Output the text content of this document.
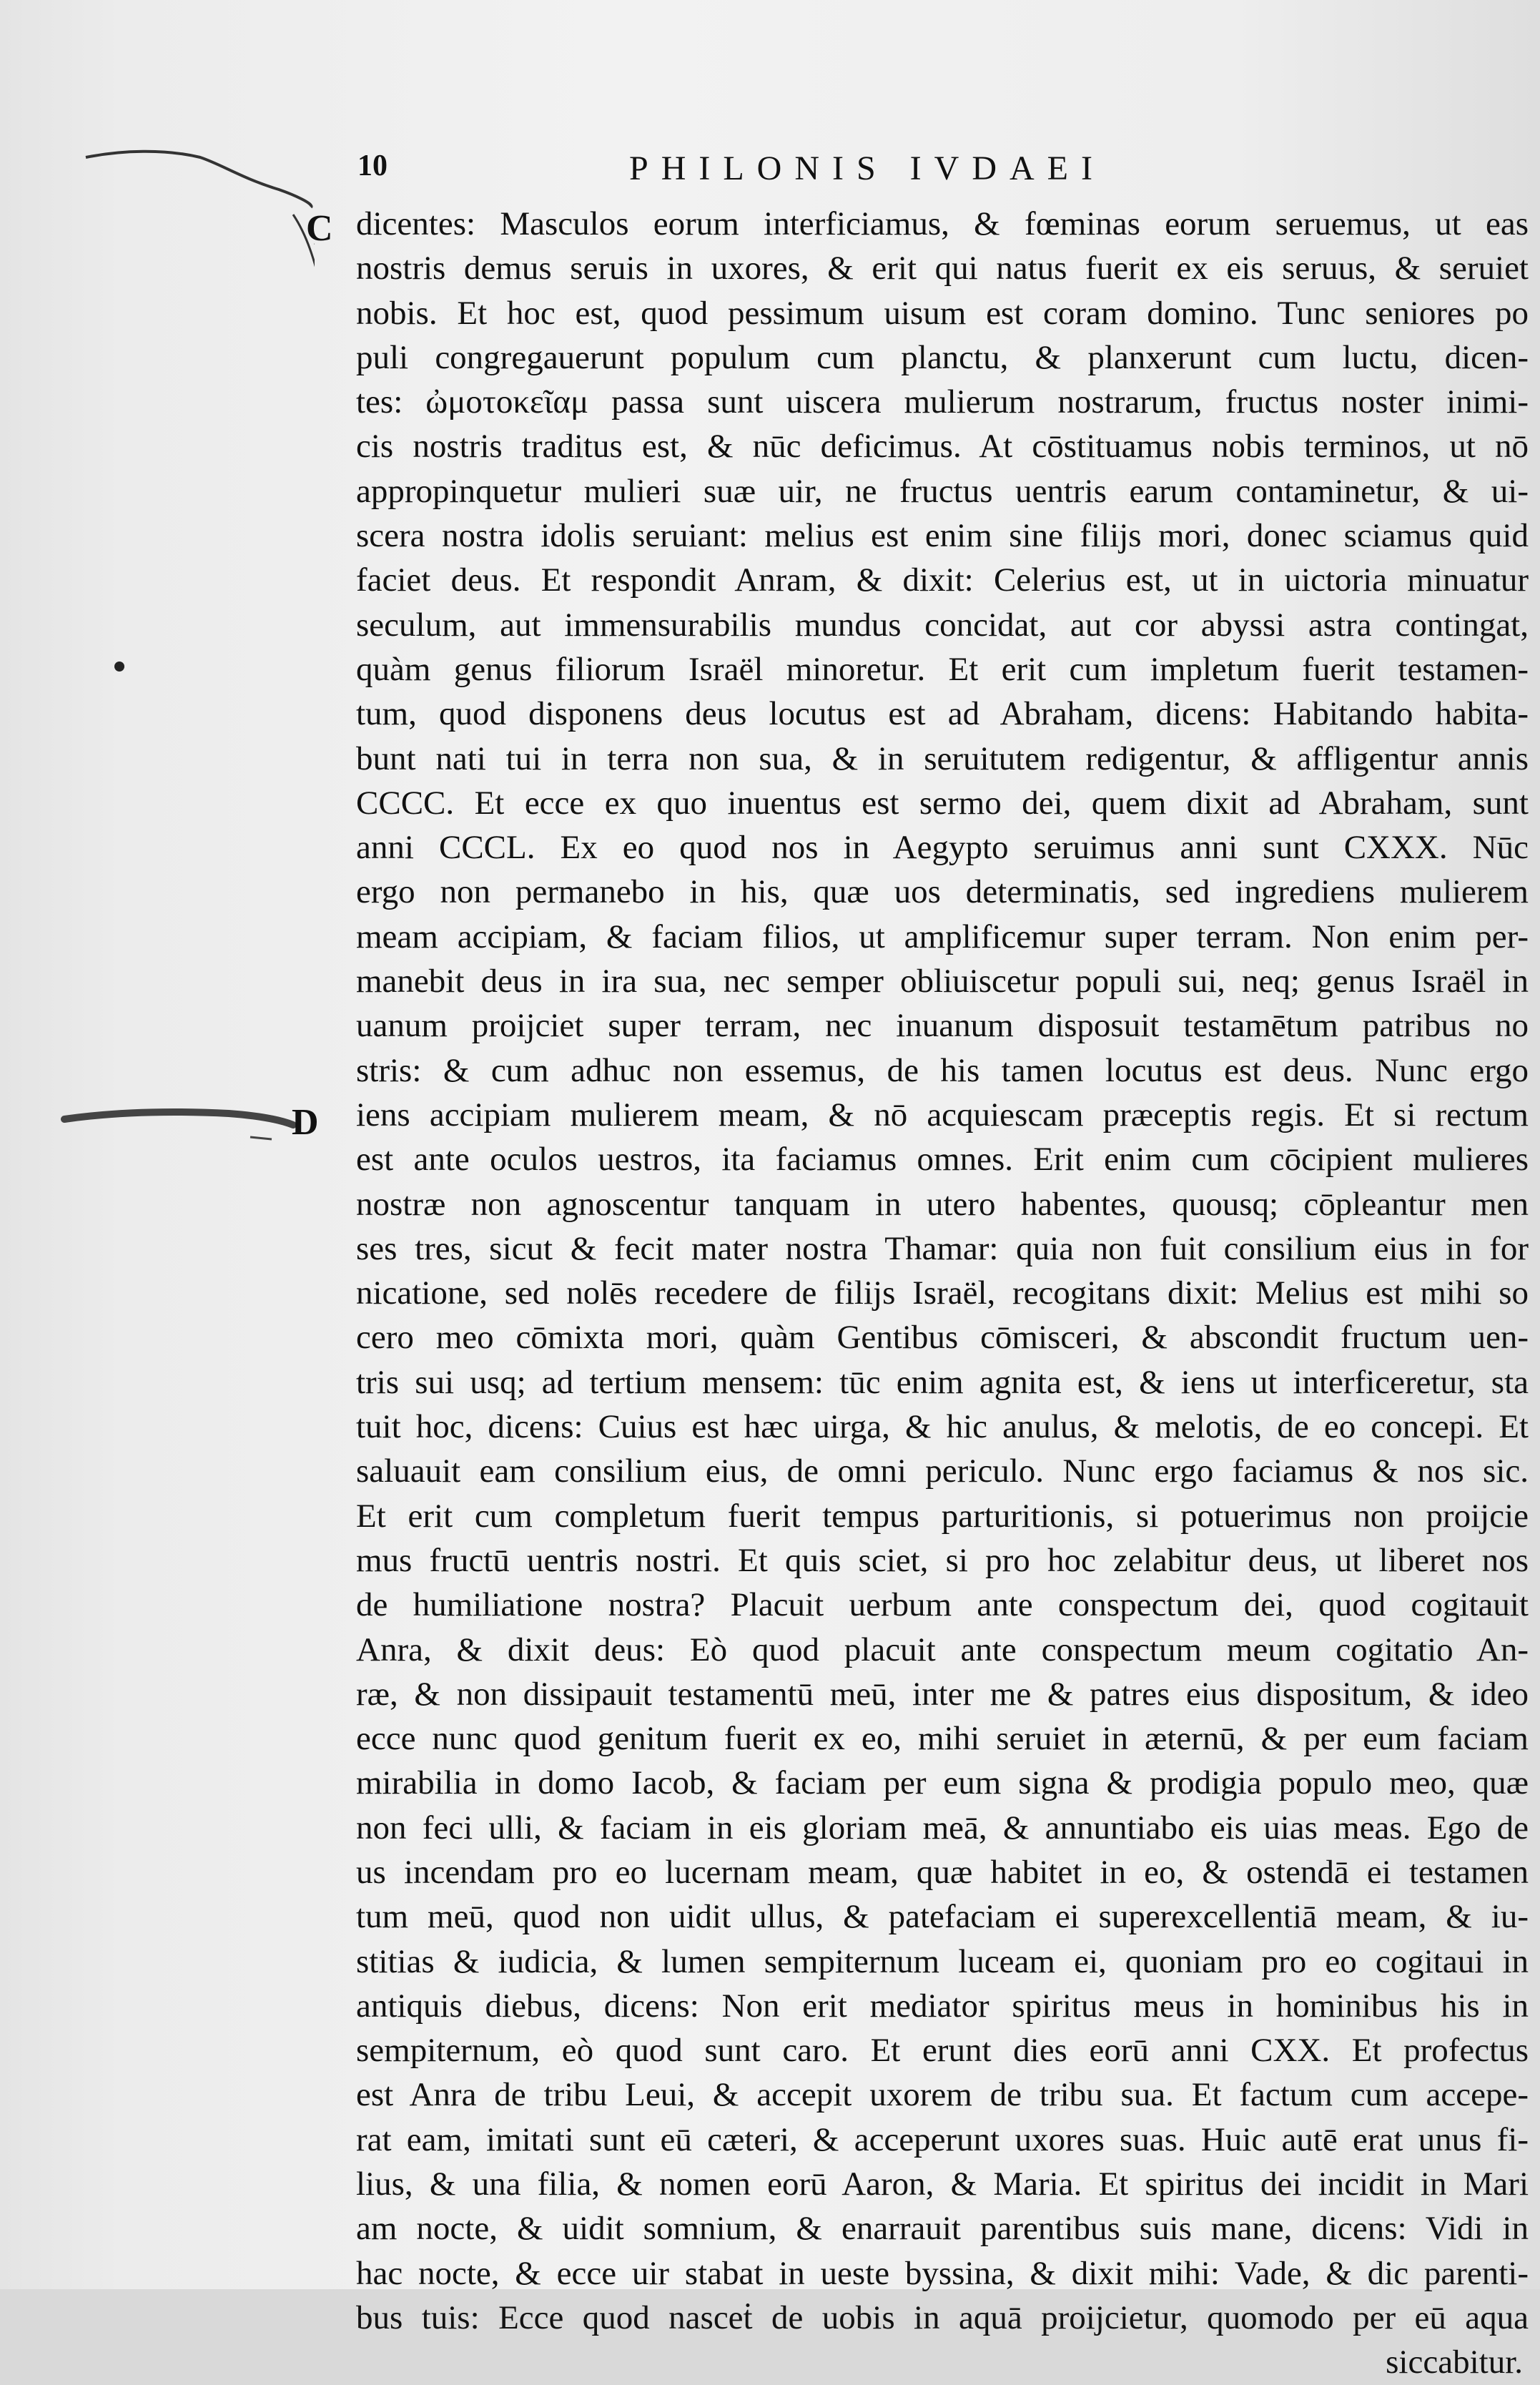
10	PHILONIS IVDAEI
C
D
dicentes: Masculos eorum interficiamus, & fœminas eorum seruemus, ut eas
nostris demus seruis in uxores, & erit qui natus fuerit ex eis seruus, & seruiet
nobis. Et hoc est, quod pessimum uisum est coram domino. Tunc seniores po
puli congregauerunt populum cum planctu, & planxerunt cum luctu, dicen-
tes: ὠμοτοκεῖαμ passa sunt uiscera mulierum nostrarum, fructus noster inimi-
cis nostris traditus est, & nūc deficimus. At cōstituamus nobis terminos, ut nō
appropinquetur mulieri suæ uir, ne fructus uentris earum contaminetur, & ui-
scera nostra idolis seruiant: melius est enim sine filijs mori, donec sciamus quid
faciet deus. Et respondit Anram, & dixit: Celerius est, ut in uictoria minuatur
seculum, aut immensurabilis mundus concidat, aut cor abyssi astra contingat,
quàm genus filiorum Israël minoretur. Et erit cum impletum fuerit testamen-
tum, quod disponens deus locutus est ad Abraham, dicens: Habitando habita-
bunt nati tui in terra non sua, & in seruitutem redigentur, & affligentur annis
CCCC. Et ecce ex quo inuentus est sermo dei, quem dixit ad Abraham, sunt
anni CCCL. Ex eo quod nos in Aegypto seruimus anni sunt CXXX. Nūc
ergo non permanebo in his, quæ uos determinatis, sed ingrediens mulierem
meam accipiam, & faciam filios, ut amplificemur super terram. Non enim per-
manebit deus in ira sua, nec semper obliuiscetur populi sui, neq; genus Israël in
uanum proijciet super terram, nec inuanum disposuit testamētum patribus no
stris: & cum adhuc non essemus, de his tamen locutus est deus. Nunc ergo
iens accipiam mulierem meam, & nō acquiescam præceptis regis. Et si rectum
est ante oculos uestros, ita faciamus omnes. Erit enim cum cōcipient mulieres
nostræ non agnoscentur tanquam in utero habentes, quousq; cōpleantur men
ses tres, sicut & fecit mater nostra Thamar: quia non fuit consilium eius in for
nicatione, sed nolēs recedere de filijs Israël, recogitans dixit: Melius est mihi so
cero meo cōmixta mori, quàm Gentibus cōmisceri, & abscondit fructum uen-
tris sui usq; ad tertium mensem: tūc enim agnita est, & iens ut interficeretur, sta
tuit hoc, dicens: Cuius est hæc uirga, & hic anulus, & melotis, de eo concepi. Et
saluauit eam consilium eius, de omni periculo. Nunc ergo faciamus & nos sic.
Et erit cum completum fuerit tempus parturitionis, si potuerimus non proijcie
mus fructū uentris nostri. Et quis sciet, si pro hoc zelabitur deus, ut liberet nos
de humiliatione nostra? Placuit uerbum ante conspectum dei, quod cogitauit
Anra, & dixit deus: Eò quod placuit ante conspectum meum cogitatio An-
ræ, & non dissipauit testamentū meū, inter me & patres eius dispositum, & ideo
ecce nunc quod genitum fuerit ex eo, mihi seruiet in æternū, & per eum faciam
mirabilia in domo Iacob, & faciam per eum signa & prodigia populo meo, quæ
non feci ulli, & faciam in eis gloriam meā, & annuntiabo eis uias meas. Ego de
us incendam pro eo lucernam meam, quæ habitet in eo, & ostendā ei testamen
tum meū, quod non uidit ullus, & patefaciam ei superexcellentiā meam, & iu-
stitias & iudicia, & lumen sempiternum luceam ei, quoniam pro eo cogitaui in
antiquis diebus, dicens: Non erit mediator spiritus meus in hominibus his in
sempiternum, eò quod sunt caro. Et erunt dies eorū anni CXX. Et profectus
est Anra de tribu Leui, & accepit uxorem de tribu sua. Et factum cum accepe-
rat eam, imitati sunt eū cæteri, & acceperunt uxores suas. Huic autē erat unus fi-
lius, & una filia, & nomen eorū Aaron, & Maria. Et spiritus dei incidit in Mari
am nocte, & uidit somnium, & enarrauit parentibus suis mane, dicens: Vidi in
hac nocte, & ecce uir stabat in ueste byssina, & dixit mihi: Vade, & dic parenti-
bus tuis: Ecce quod nasceṫ de uobis in aquā proijcietur, quomodo per eū aqua
siccabitur.
